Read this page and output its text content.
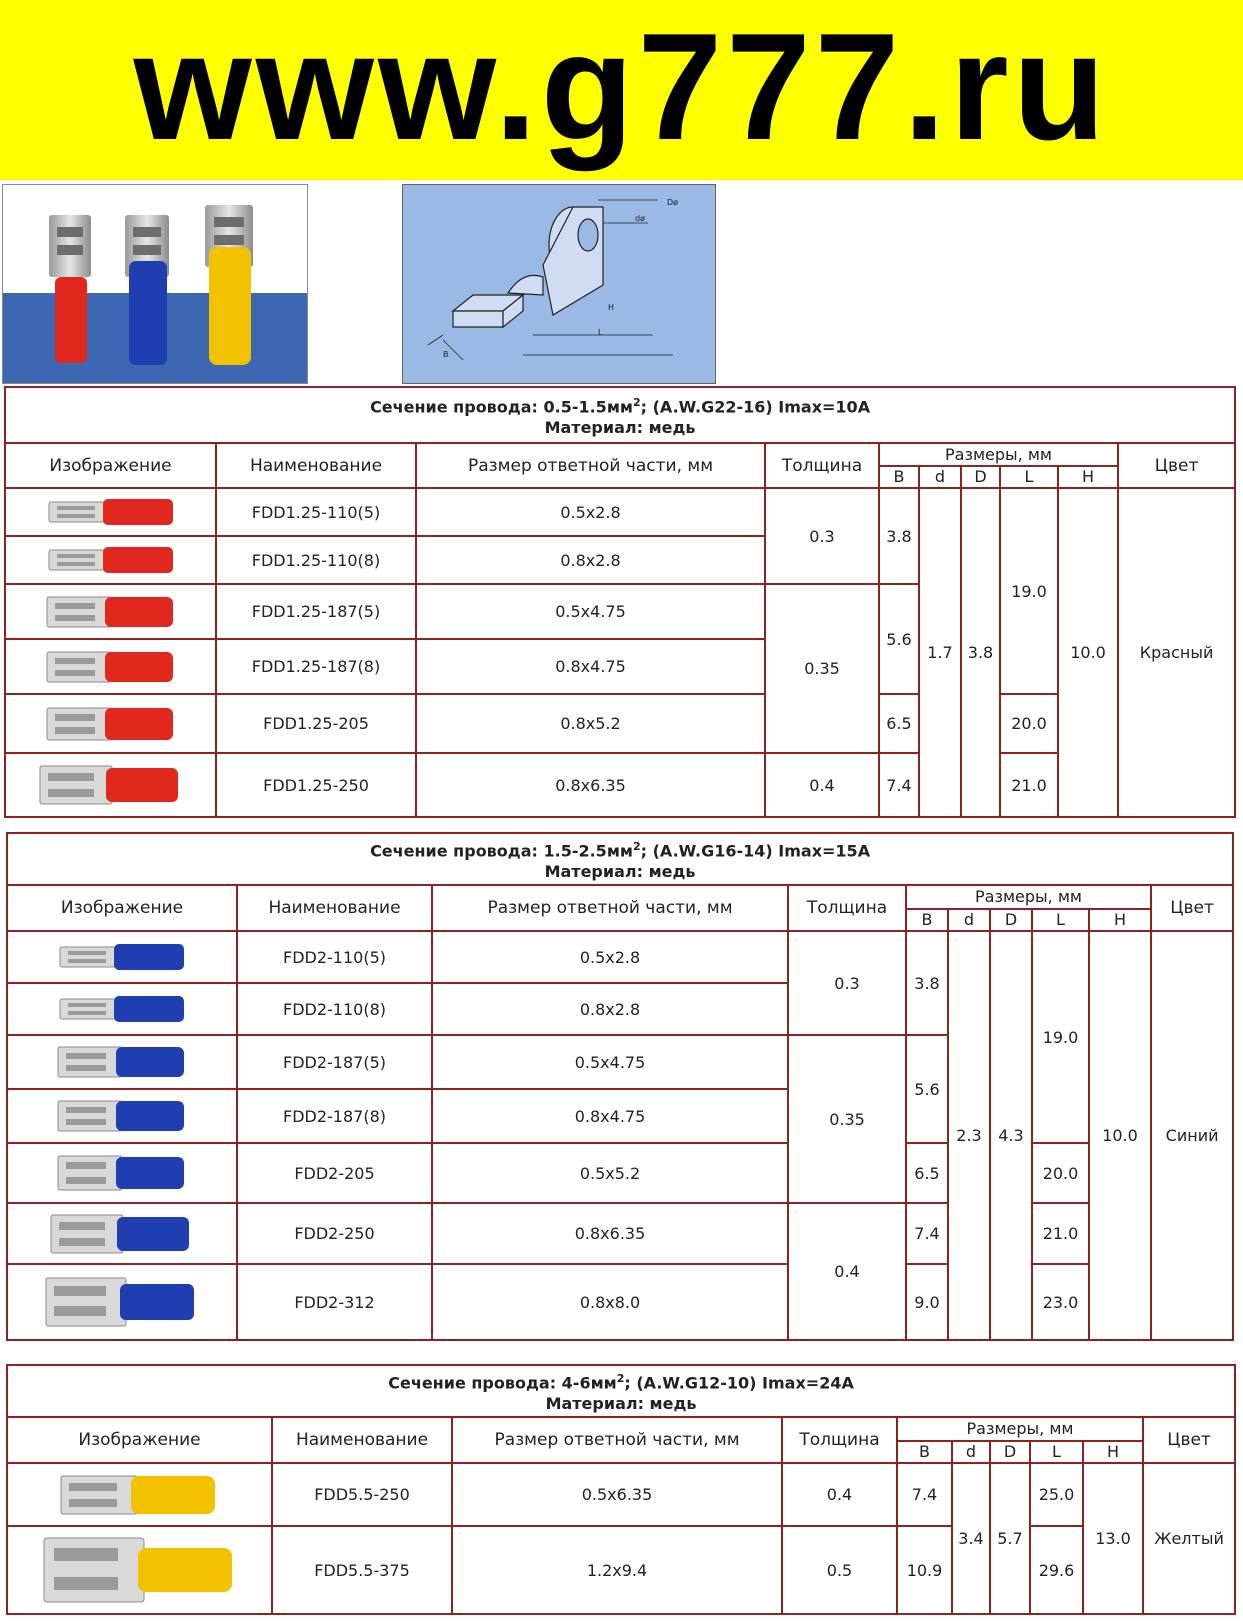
www.g777.ru
Dø
dø
H
L
B
Сечение провода: $0.5-1.5мм^2$; (A.W.G22-16) Imax=10A
Материал: медь									
Изображение	Наименование	Размер ответной части, мм	Толщина	Размеры, мм					Цвет
				B	d	D	L	H	

	FDD1.25-110(5)	0.5x2.8	0.3	3.8	1.7	3.8	19.0	10.0	Красный

	FDD1.25-110(8)	0.8x2.8							

	FDD1.25-187(5)	0.5x4.75	0.35	5.6					

	FDD1.25-187(8)	0.8x4.75							

	FDD1.25-205	0.8x5.2		6.5			20.0		

	FDD1.25-250	0.8x6.35	0.4	7.4			21.0		
Сечение провода: $1.5-2.5мм^2$; (A.W.G16-14) Imax=15A
Материал: медь									
Изображение	Наименование	Размер ответной части, мм	Толщина	Размеры, мм					Цвет
				B	d	D	L	H	

	FDD2-110(5)	0.5x2.8	0.3	3.8	2.3	4.3	19.0	10.0	Синий

	FDD2-110(8)	0.8x2.8							

	FDD2-187(5)	0.5x4.75	0.35	5.6					

	FDD2-187(8)	0.8x4.75							

	FDD2-205	0.5x5.2		6.5			20.0		

	FDD2-250	0.8x6.35	0.4	7.4			21.0		

	FDD2-312	0.8x8.0		9.0			23.0		
Сечение провода: $4-6мм^2$; (A.W.G12-10) Imax=24A
Материал: медь									
Изображение	Наименование	Размер ответной части, мм	Толщина	Размеры, мм					Цвет
				B	d	D	L	H	

	FDD5.5-250	0.5x6.35	0.4	7.4	3.4	5.7	25.0	13.0	Желтый

	FDD5.5-375	1.2x9.4	0.5	10.9			29.6		
